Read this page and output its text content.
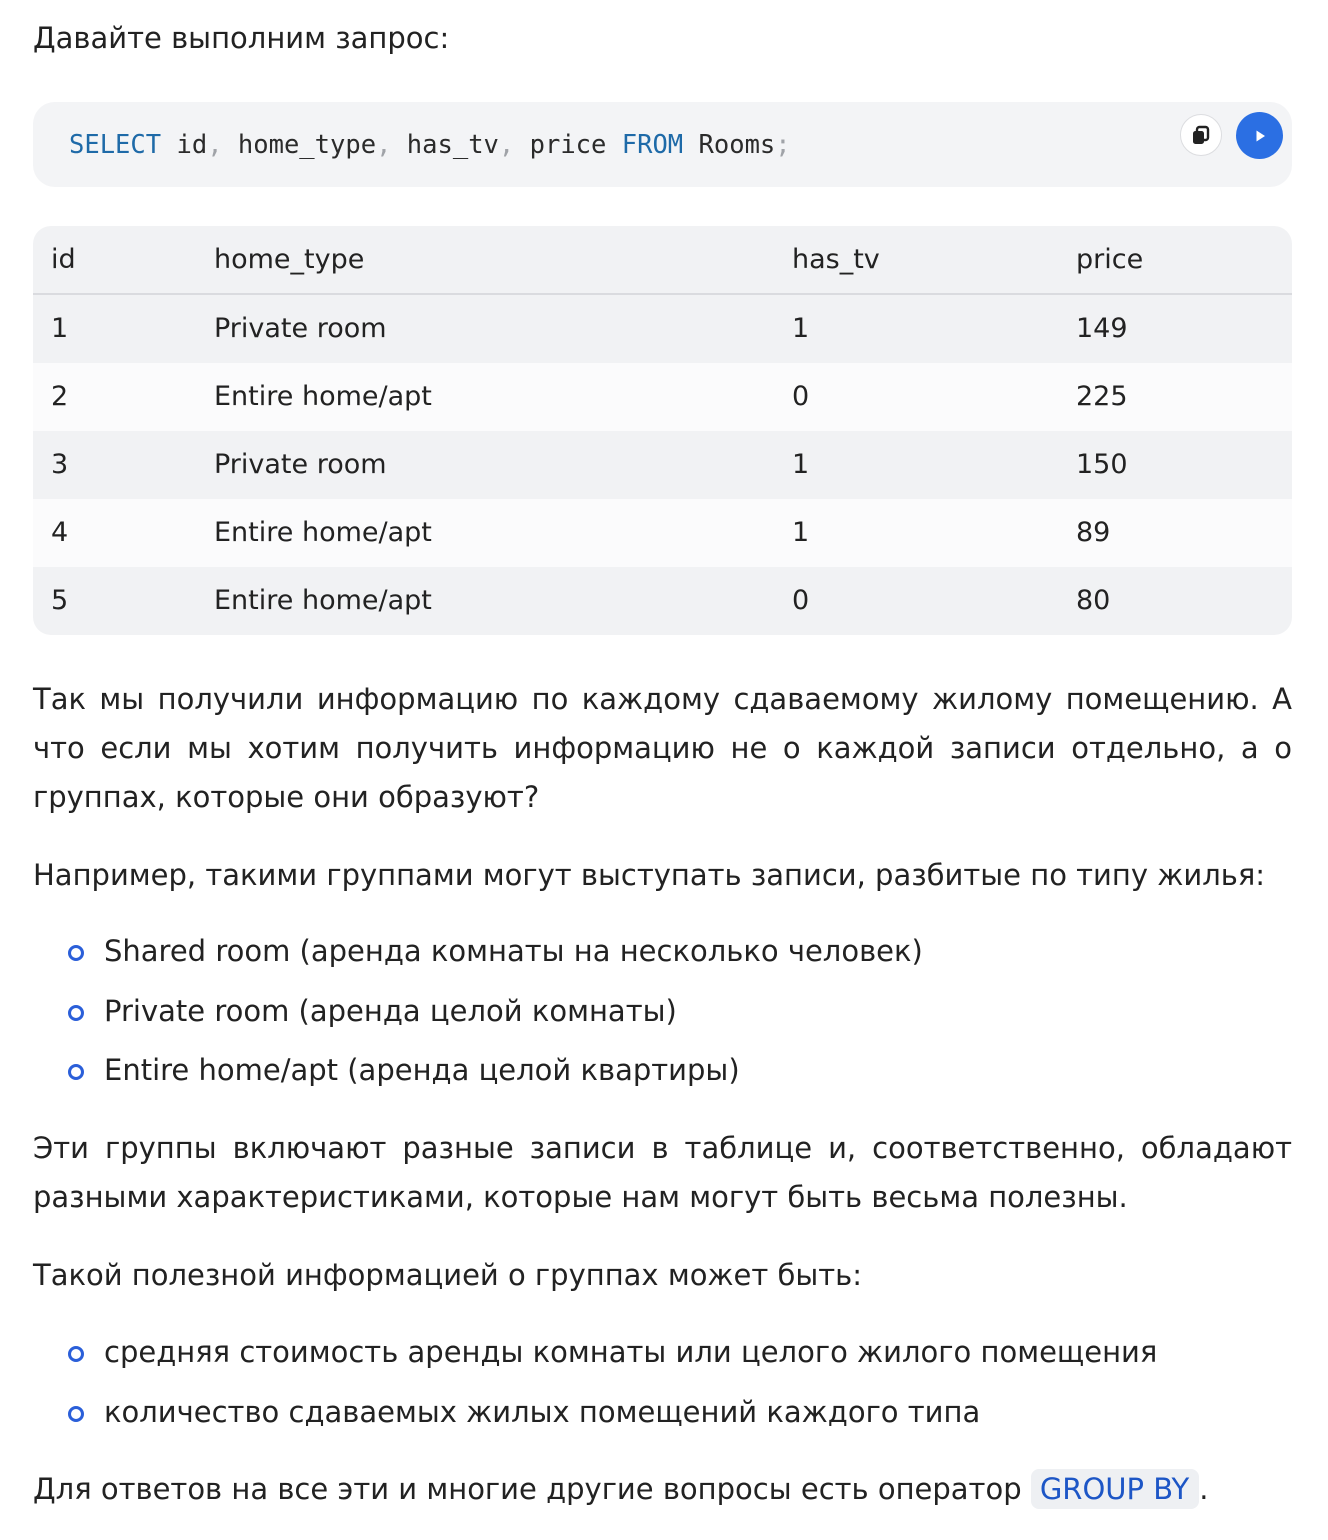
Давайте выполним запрос:
SELECT id, home_type, has_tv, price FROM Rooms;
id	home_type	has_tv	price
1	Private room	1	149
2	Entire home/apt	0	225
3	Private room	1	150
4	Entire home/apt	1	89
5	Entire home/apt	0	80
Так мы получили информацию по каждому сдаваемому жилому помещению. А что если мы хотим получить информацию не о каждой записи отдельно, а о группах, которые они образуют?
Например, такими группами могут выступать записи, разбитые по типу жилья:
Shared room (аренда комнаты на несколько человек)
Private room (аренда целой комнаты)
Entire home/apt (аренда целой квартиры)
Эти группы включают разные записи в таблице и, соответственно, обладают разными характеристиками, которые нам могут быть весьма полезны.
Такой полезной информацией о группах может быть:
средняя стоимость аренды комнаты или целого жилого помещения
количество сдаваемых жилых помещений каждого типа
Для ответов на все эти и многие другие вопросы есть оператор GROUP BY .
